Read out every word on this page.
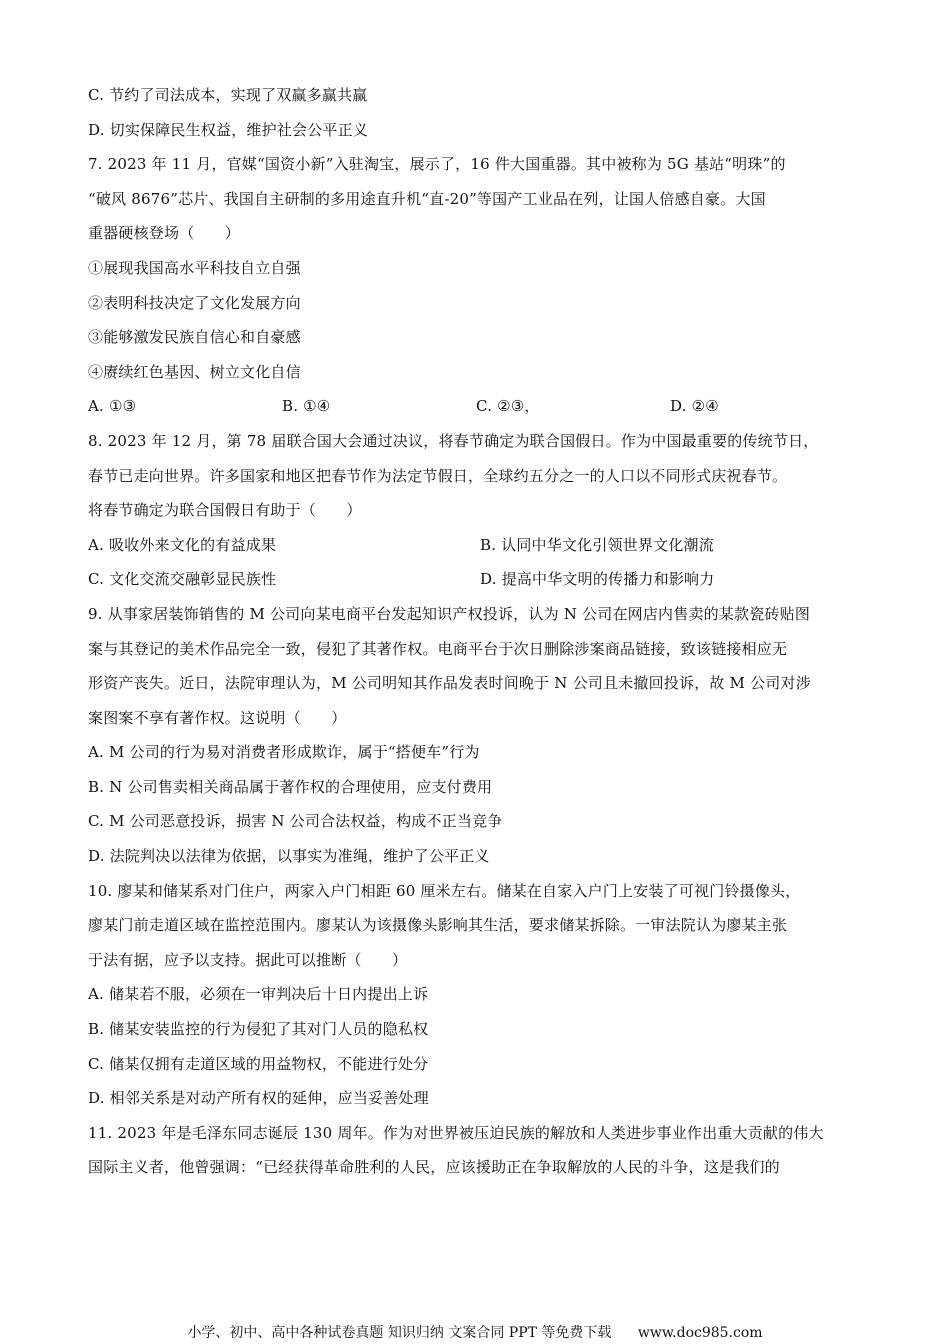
C. 节约了司法成本，实现了双赢多赢共赢
D. 切实保障民生权益，维护社会公平正义
7. 2023 年 11 月，官媒“国资小新”入驻淘宝，展示了，16 件大国重器。其中被称为 5G 基站“明珠”的
“破风 8676”芯片、我国自主研制的多用途直升机“直-20”等国产工业品在列，让国人倍感自豪。大国
重器硬核登场（　　）
①展现我国高水平科技自立自强
②表明科技决定了文化发展方向
③能够激发民族自信心和自豪感
④赓续红色基因、树立文化自信
A. ①③	B. ①④	C. ②③，	D. ②④
8. 2023 年 12 月，第 78 届联合国大会通过决议，将春节确定为联合国假日。作为中国最重要的传统节日，
春节已走向世界。许多国家和地区把春节作为法定节假日，全球约五分之一的人口以不同形式庆祝春节。
将春节确定为联合国假日有助于（　　）
A. 吸收外来文化的有益成果	B. 认同中华文化引领世界文化潮流
C. 文化交流交融彰显民族性	D. 提高中华文明的传播力和影响力
9. 从事家居装饰销售的 M 公司向某电商平台发起知识产权投诉，认为 N 公司在网店内售卖的某款瓷砖贴图
案与其登记的美术作品完全一致，侵犯了其著作权。电商平台于次日删除涉案商品链接，致该链接相应无
形资产丧失。近日，法院审理认为，M 公司明知其作品发表时间晚于 N 公司且未撤回投诉，故 M 公司对涉
案图案不享有著作权。这说明（　　）
A. M 公司的行为易对消费者形成欺诈，属于“搭便车”行为
B. N 公司售卖相关商品属于著作权的合理使用，应支付费用
C. M 公司恶意投诉，损害 N 公司合法权益，构成不正当竞争
D. 法院判决以法律为依据，以事实为准绳，维护了公平正义
10. 廖某和储某系对门住户，两家入户门相距 60 厘米左右。储某在自家入户门上安装了可视门铃摄像头，
廖某门前走道区域在监控范围内。廖某认为该摄像头影响其生活，要求储某拆除。一审法院认为廖某主张
于法有据，应予以支持。据此可以推断（　　）
A. 储某若不服，必须在一审判决后十日内提出上诉
B. 储某安装监控的行为侵犯了其对门人员的隐私权
C. 储某仅拥有走道区域的用益物权，不能进行处分
D. 相邻关系是对动产所有权的延伸，应当妥善处理
11. 2023 年是毛泽东同志诞辰 130 周年。作为对世界被压迫民族的解放和人类进步事业作出重大贡献的伟大
国际主义者，他曾强调：“已经获得革命胜利的人民，应该援助正在争取解放的人民的斗争，这是我们的
小学、初中、高中各种试卷真题 知识归纳 文案合同 PPT 等免费下载 www.doc985.com
